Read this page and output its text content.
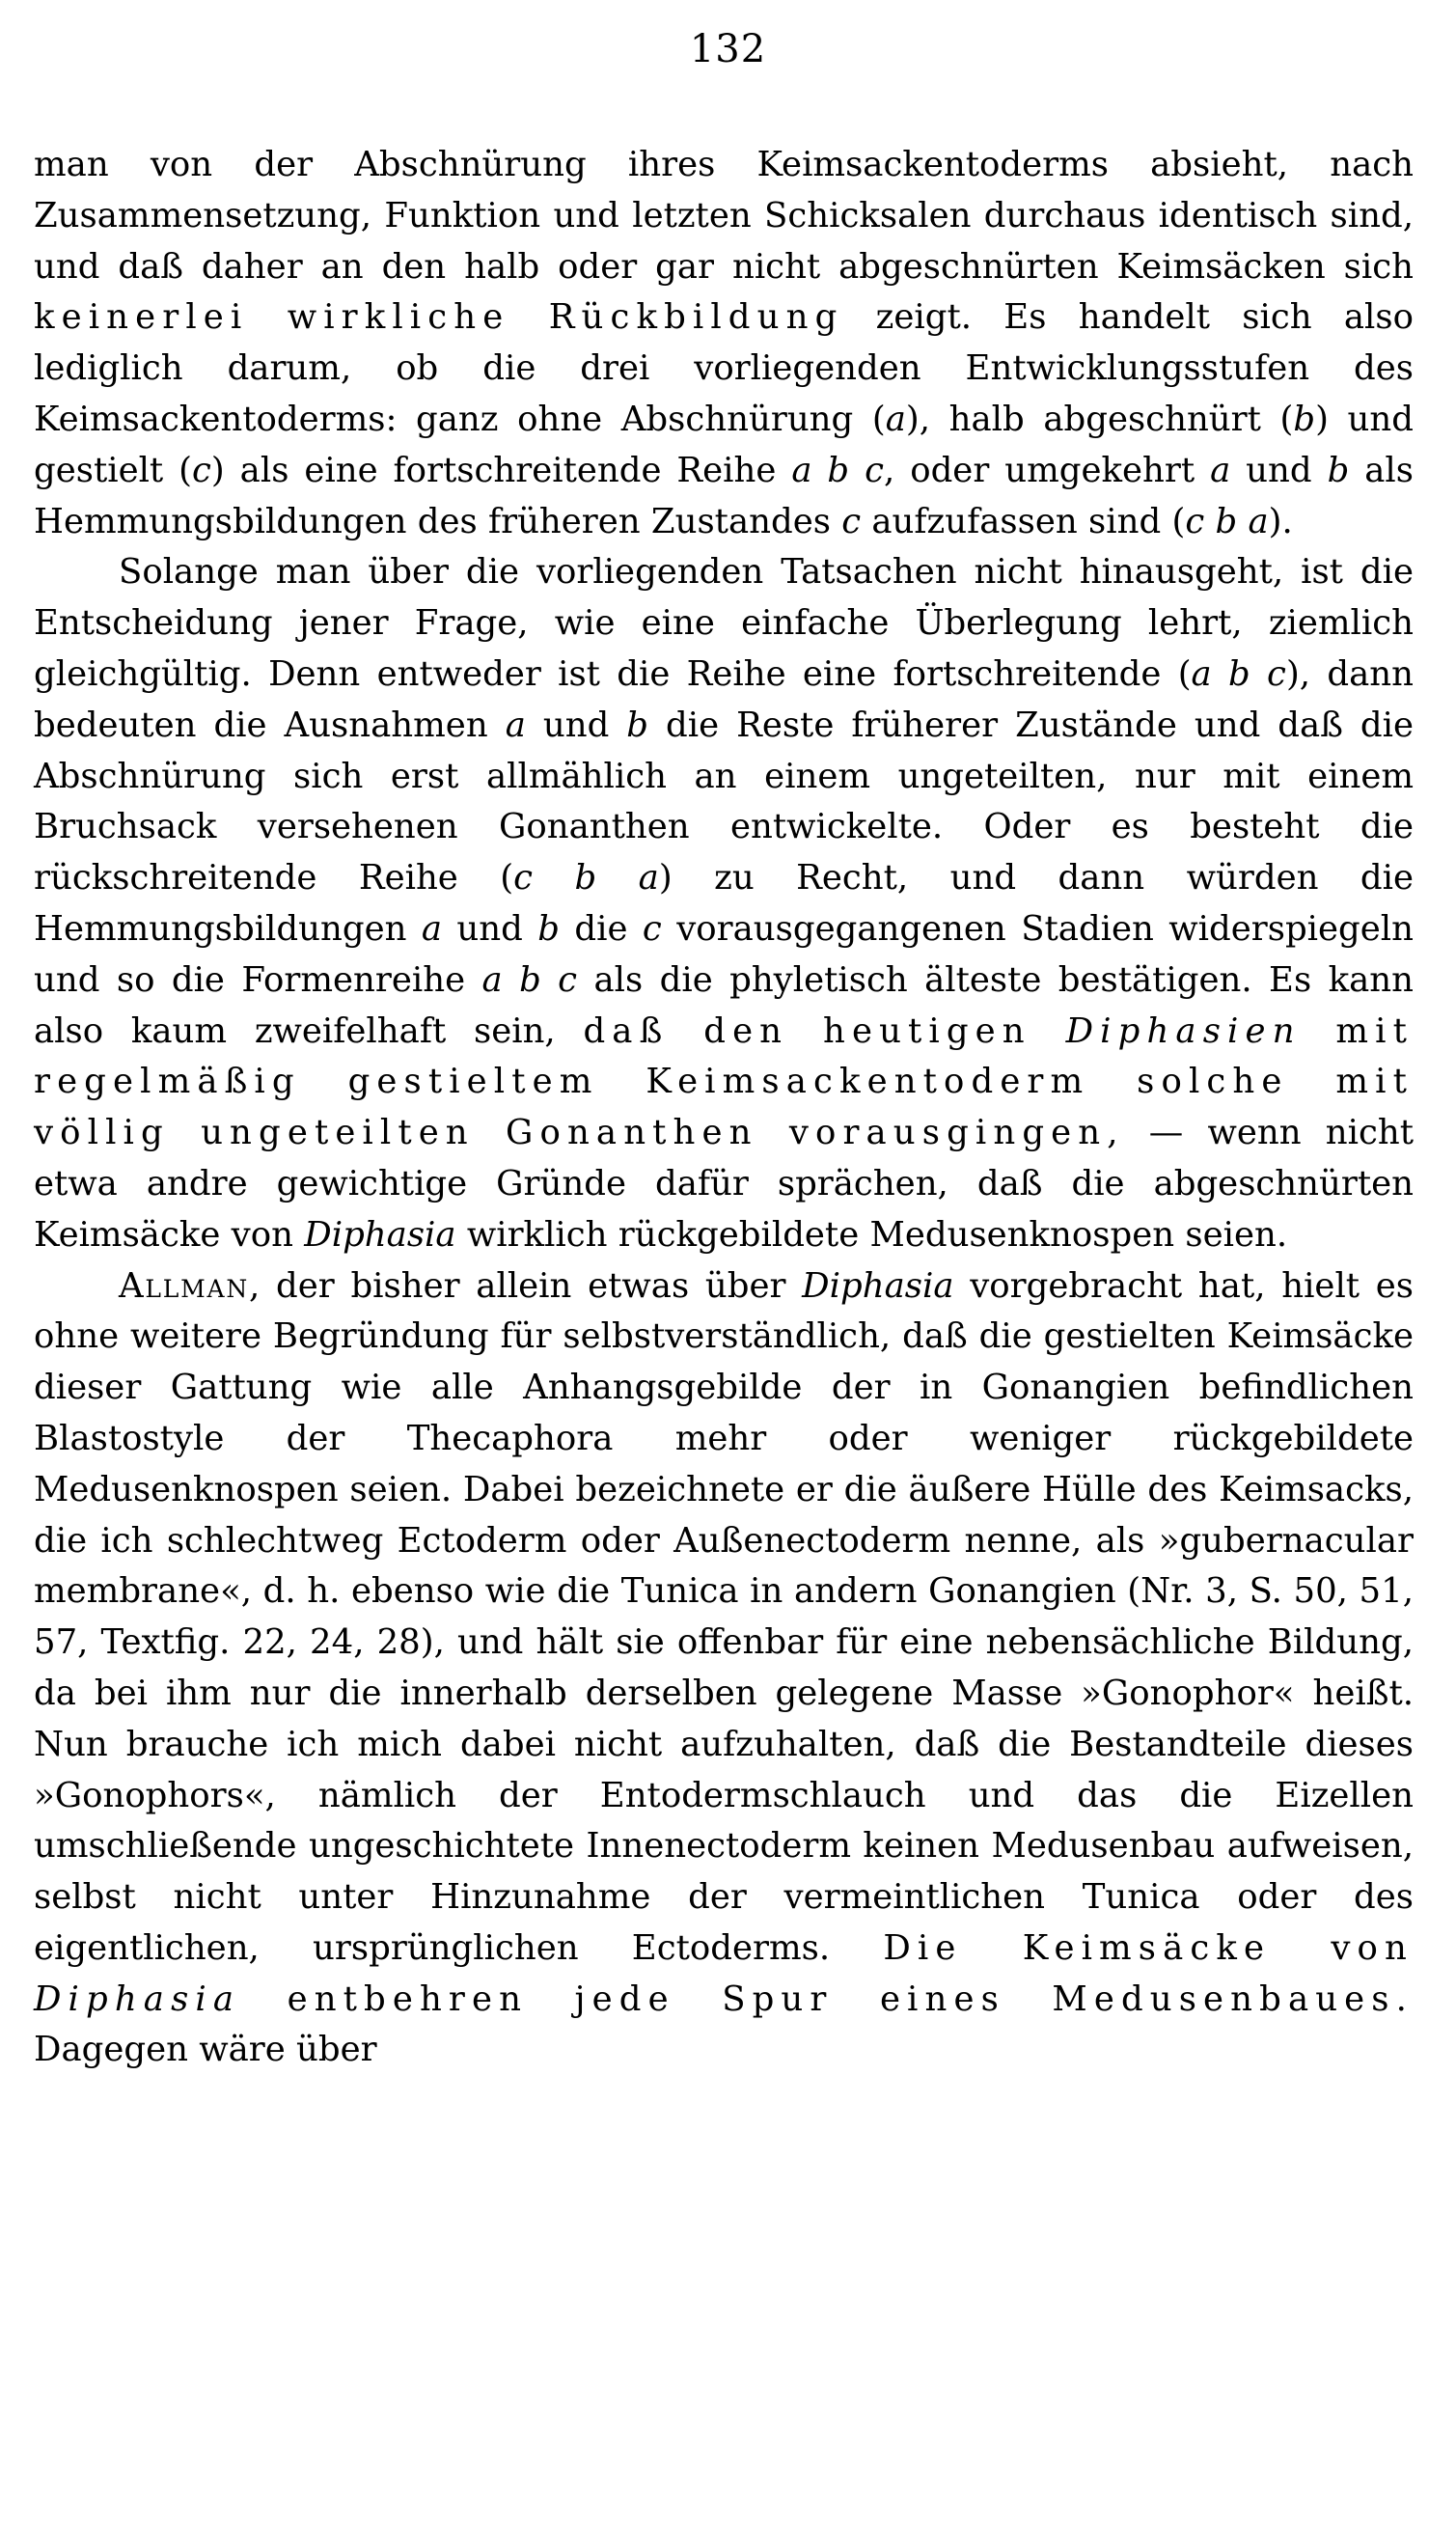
132

man von der Abschnürung ihres Keimsackentoderms absieht, nach Zusammensetzung, Funktion und letzten Schicksalen durchaus identisch sind, und daß daher an den halb oder gar nicht abgeschnürten Keimsäcken sich keinerlei wirkliche Rückbildung zeigt. Es handelt sich also lediglich darum, ob die drei vorliegenden Entwicklungsstufen des Keimsackentoderms: ganz ohne Abschnürung (a), halb abgeschnürt (b) und gestielt (c) als eine fortschreitende Reihe a b c, oder umgekehrt a und b als Hemmungsbildungen des früheren Zustandes c aufzufassen sind (c b a).

Solange man über die vorliegenden Tatsachen nicht hinausgeht, ist die Entscheidung jener Frage, wie eine einfache Überlegung lehrt, ziemlich gleichgültig. Denn entweder ist die Reihe eine fortschreitende (a b c), dann bedeuten die Ausnahmen a und b die Reste früherer Zustände und daß die Abschnürung sich erst allmählich an einem ungeteilten, nur mit einem Bruchsack versehenen Gonanthen entwickelte. Oder es besteht die rückschreitende Reihe (c b a) zu Recht, und dann würden die Hemmungsbildungen a und b die c vorausgegangenen Stadien widerspiegeln und so die Formenreihe a b c als die phyletisch älteste bestätigen. Es kann also kaum zweifelhaft sein, daß den heutigen Diphasien mit regelmäßig gestieltem Keimsackentoderm solche mit völlig ungeteilten Gonanthen vorausgingen, — wenn nicht etwa andre gewichtige Gründe dafür sprächen, daß die abgeschnürten Keimsäcke von Diphasia wirklich rückgebildete Medusenknospen seien.

Allman, der bisher allein etwas über Diphasia vorgebracht hat, hielt es ohne weitere Begründung für selbstverständlich, daß die gestielten Keimsäcke dieser Gattung wie alle Anhangsgebilde der in Gonangien befindlichen Blastostyle der Thecaphora mehr oder weniger rückgebildete Medusenknospen seien. Dabei bezeichnete er die äußere Hülle des Keimsacks, die ich schlechtweg Ectoderm oder Außenectoderm nenne, als »gubernacular membrane«, d. h. ebenso wie die Tunica in andern Gonangien (Nr. 3, S. 50, 51, 57, Textfig. 22, 24, 28), und hält sie offenbar für eine nebensächliche Bildung, da bei ihm nur die innerhalb derselben gelegene Masse »Gonophor« heißt. Nun brauche ich mich dabei nicht aufzuhalten, daß die Bestandteile dieses »Gonophors«, nämlich der Entodermschlauch und das die Eizellen umschließende ungeschichtete Innenectoderm keinen Medusenbau aufweisen, selbst nicht unter Hinzunahme der vermeintlichen Tunica oder des eigentlichen, ursprünglichen Ectoderms. Die Keimsäcke von Diphasia entbehren jede Spur eines Medusenbaues. Dagegen wäre über
